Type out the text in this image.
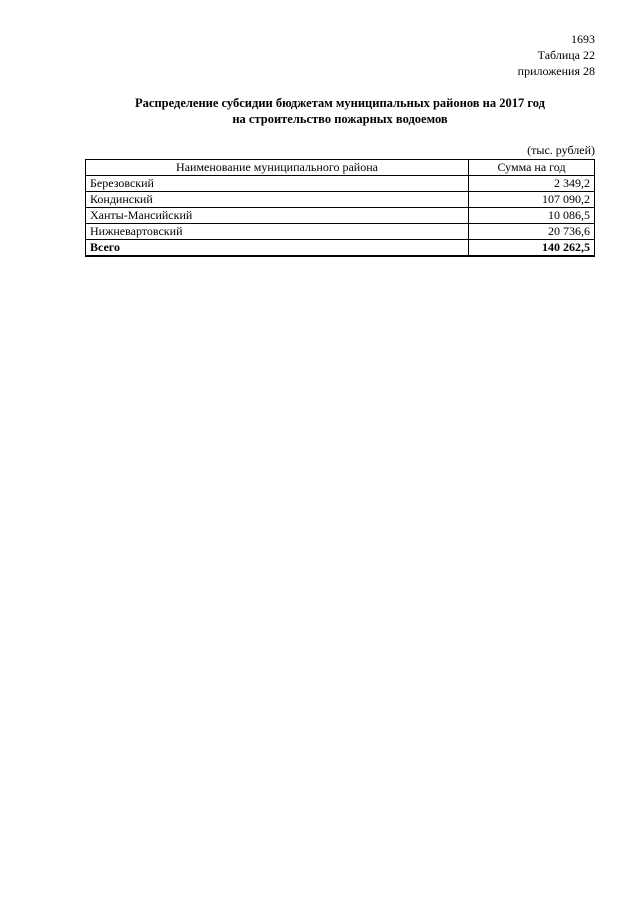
1693
Таблица 22
приложения 28
Распределение субсидии бюджетам муниципальных районов на 2017 год
на строительство пожарных водоемов
(тыс. рублей)
Наименование муниципального района	Сумма на год
Березовский	2 349,2
Кондинский	107 090,2
Ханты-Мансийский	10 086,5
Нижневартовский	20 736,6
Всего	140 262,5
